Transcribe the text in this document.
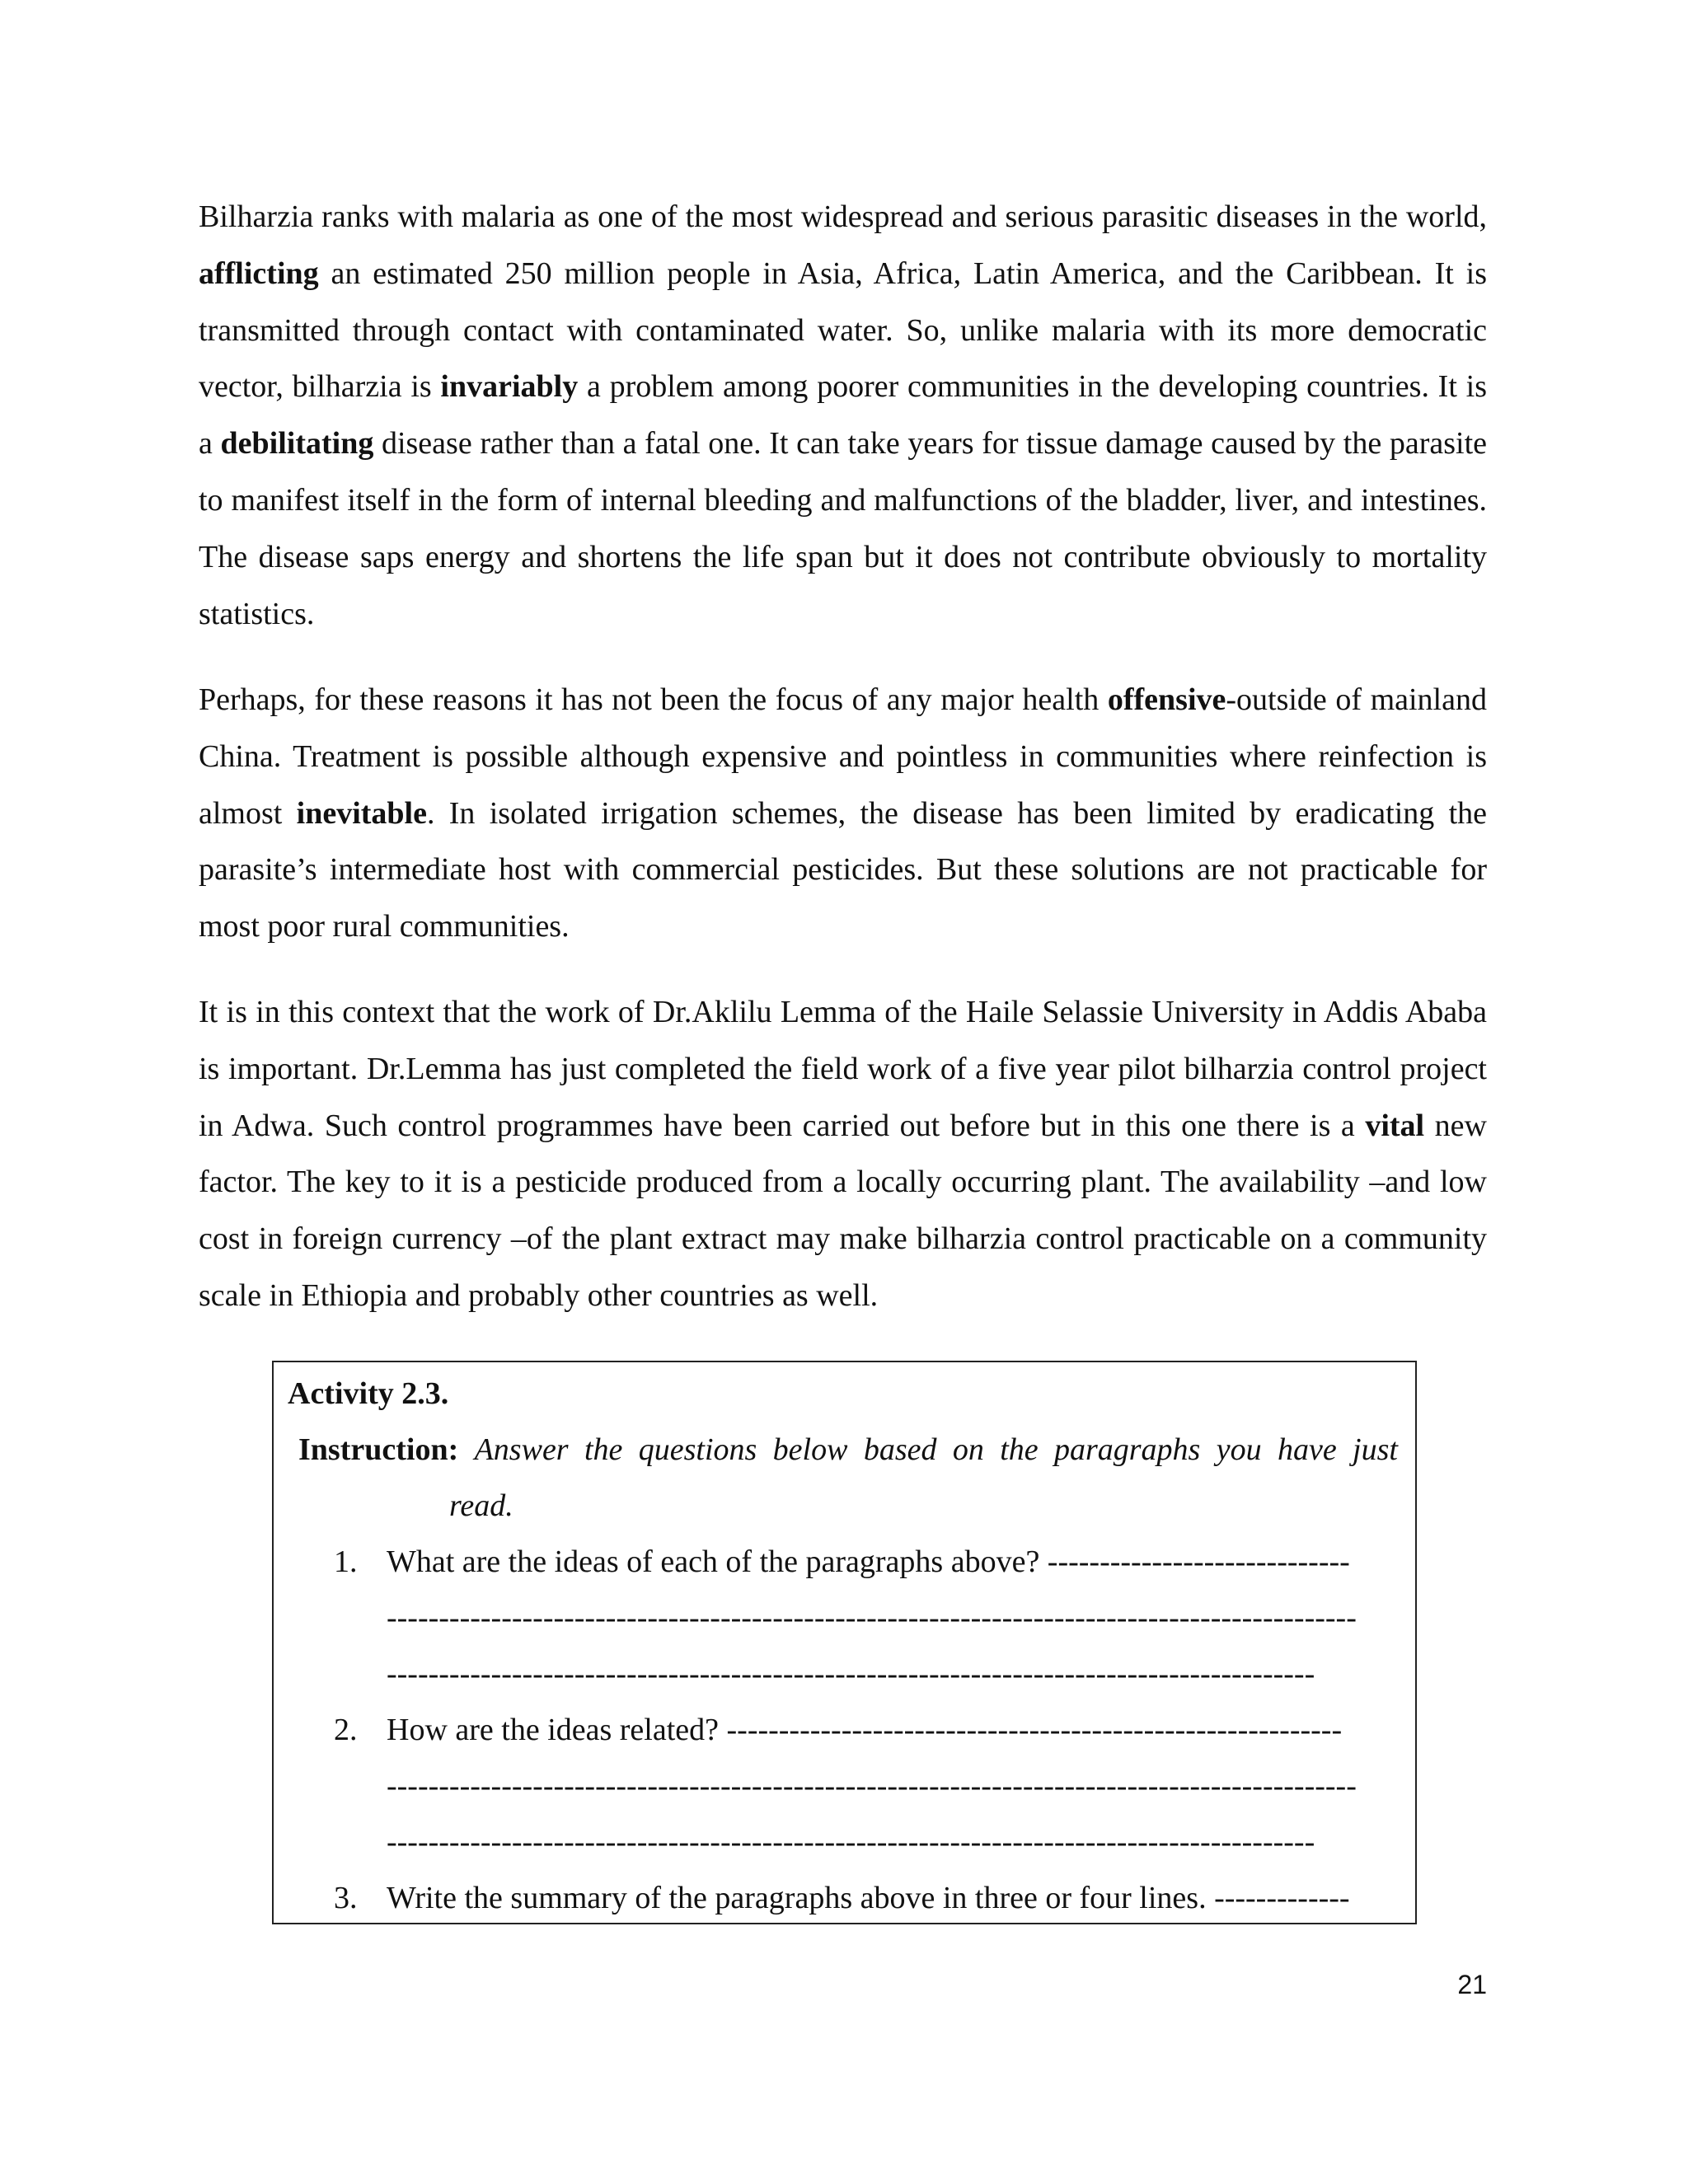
Bilharzia ranks with malaria as one of the most widespread and serious parasitic diseases in the world, afflicting an estimated 250 million people in Asia, Africa, Latin America, and the Caribbean. It is transmitted through contact with contaminated water. So, unlike malaria with its more democratic vector, bilharzia is invariably a problem among poorer communities in the developing countries. It is a debilitating disease rather than a fatal one. It can take years for tissue damage caused by the parasite to manifest itself in the form of internal bleeding and malfunctions of the bladder, liver, and intestines. The disease saps energy and shortens the life span but it does not contribute obviously to mortality statistics.

Perhaps, for these reasons it has not been the focus of any major health offensive-outside of mainland China. Treatment is possible although expensive and pointless in communities where reinfection is almost inevitable. In isolated irrigation schemes, the disease has been limited by eradicating the parasite’s intermediate host with commercial pesticides. But these solutions are not practicable for most poor rural communities.

It is in this context that the work of Dr.Aklilu Lemma of the Haile Selassie University in Addis Ababa is important. Dr.Lemma has just completed the field work of a five year pilot bilharzia control project in Adwa. Such control programmes have been carried out before but in this one there is a vital new factor. The key to it is a pesticide produced from a locally occurring plant. The availability –and low cost in foreign currency –of the plant extract may make bilharzia control practicable on a community scale in Ethiopia and probably other countries as well.

Activity 2.3.
Instruction: Answer the questions below based on the paragraphs you have just
read.
1. What are the ideas of each of the paragraphs above? -----------------------------
---------------------------------------------------------------------------------------------
-----------------------------------------------------------------------------------------
2. How are the ideas related? -----------------------------------------------------------
---------------------------------------------------------------------------------------------
-----------------------------------------------------------------------------------------
3. Write the summary of the paragraphs above in three or four lines. -------------
21
